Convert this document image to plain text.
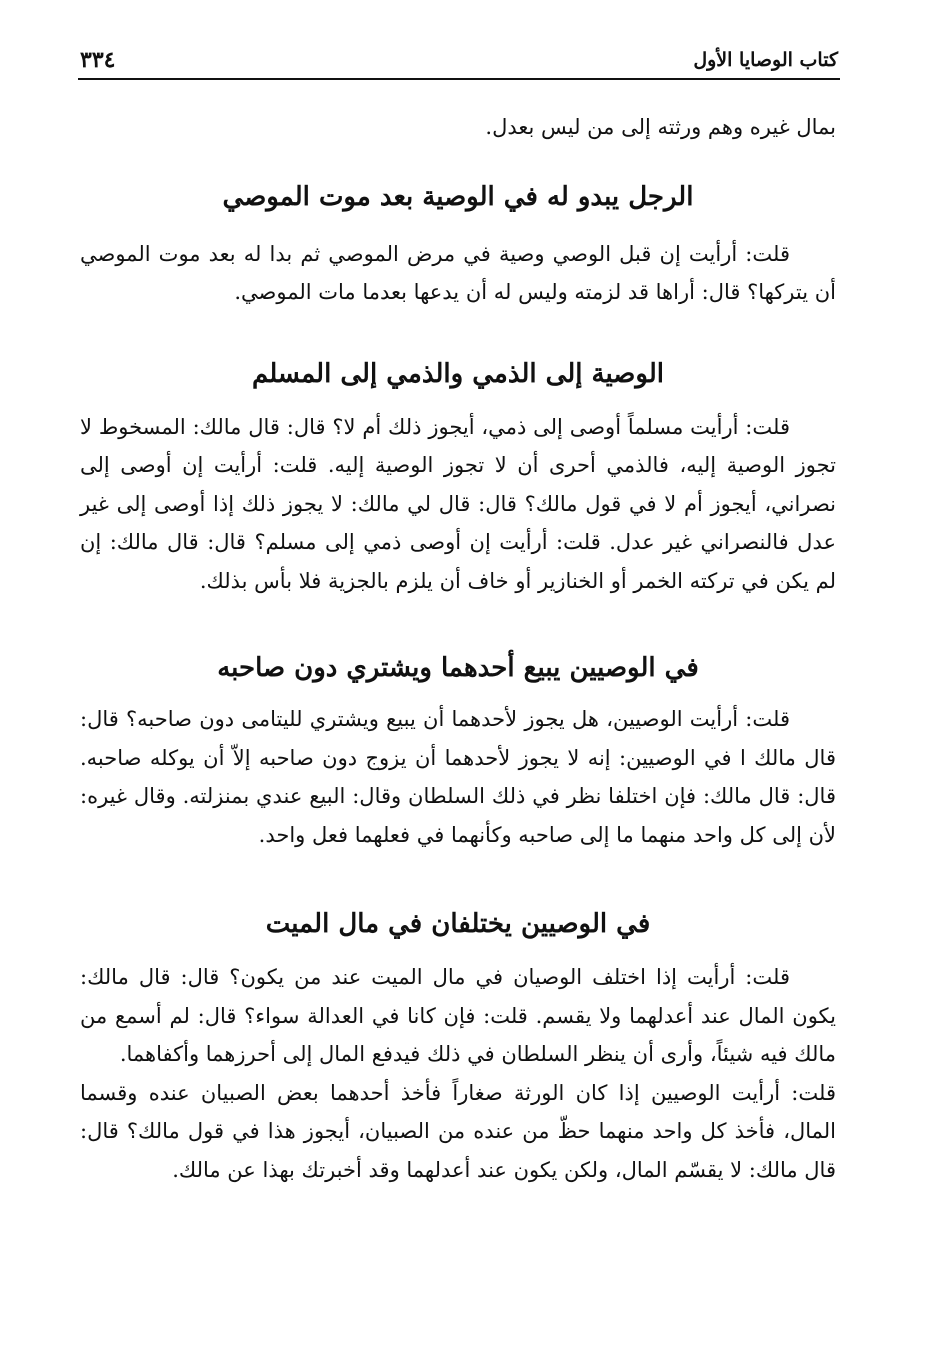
كتاب الوصايا الأول
٣٣٤

بمال غيره وهم ورثته إلى من ليس بعدل.

الرجل يبدو له في الوصية بعد موت الموصي

قلت: أرأيت إن قبل الوصي وصية في مرض الموصي ثم بدا له بعد موت الموصي أن يتركها؟ قال: أراها قد لزمته وليس له أن يدعها بعدما مات الموصي.

الوصية إلى الذمي والذمي إلى المسلم

قلت: أرأيت مسلماً أوصى إلى ذمي، أيجوز ذلك أم لا؟ قال: قال مالك: المسخوط لا تجوز الوصية إليه، فالذمي أحرى أن لا تجوز الوصية إليه. قلت: أرأيت إن أوصى إلى نصراني، أيجوز أم لا في قول مالك؟ قال: قال لي مالك: لا يجوز ذلك إذا أوصى إلى غير عدل فالنصراني غير عدل. قلت: أرأيت إن أوصى ذمي إلى مسلم؟ قال: قال مالك: إن لم يكن في تركته الخمر أو الخنازير أو خاف أن يلزم بالجزية فلا بأس بذلك.

في الوصيين يبيع أحدهما ويشتري دون صاحبه

قلت: أرأيت الوصيين، هل يجوز لأحدهما أن يبيع ويشتري لليتامى دون صاحبه؟ قال: قال مالك ا في الوصيين: إنه لا يجوز لأحدهما أن يزوج دون صاحبه إلاّ أن يوكله صاحبه. قال: قال مالك: فإن اختلفا نظر في ذلك السلطان وقال: البيع عندي بمنزلته. وقال غيره: لأن إلى كل واحد منهما ما إلى صاحبه وكأنهما في فعلهما فعل واحد.

في الوصيين يختلفان في مال الميت

قلت: أرأيت إذا اختلف الوصيان في مال الميت عند من يكون؟ قال: قال مالك: يكون المال عند أعدلهما ولا يقسم. قلت: فإن كانا في العدالة سواء؟ قال: لم أسمع من مالك فيه شيئاً، وأرى أن ينظر السلطان في ذلك فيدفع المال إلى أحرزهما وأكفاهما.

قلت: أرأيت الوصيين إذا كان الورثة صغاراً فأخذ أحدهما بعض الصبيان عنده وقسما المال، فأخذ كل واحد منهما حظّ من عنده من الصبيان، أيجوز هذا في قول مالك؟ قال: قال مالك: لا يقسّم المال، ولكن يكون عند أعدلهما وقد أخبرتك بهذا عن مالك.
